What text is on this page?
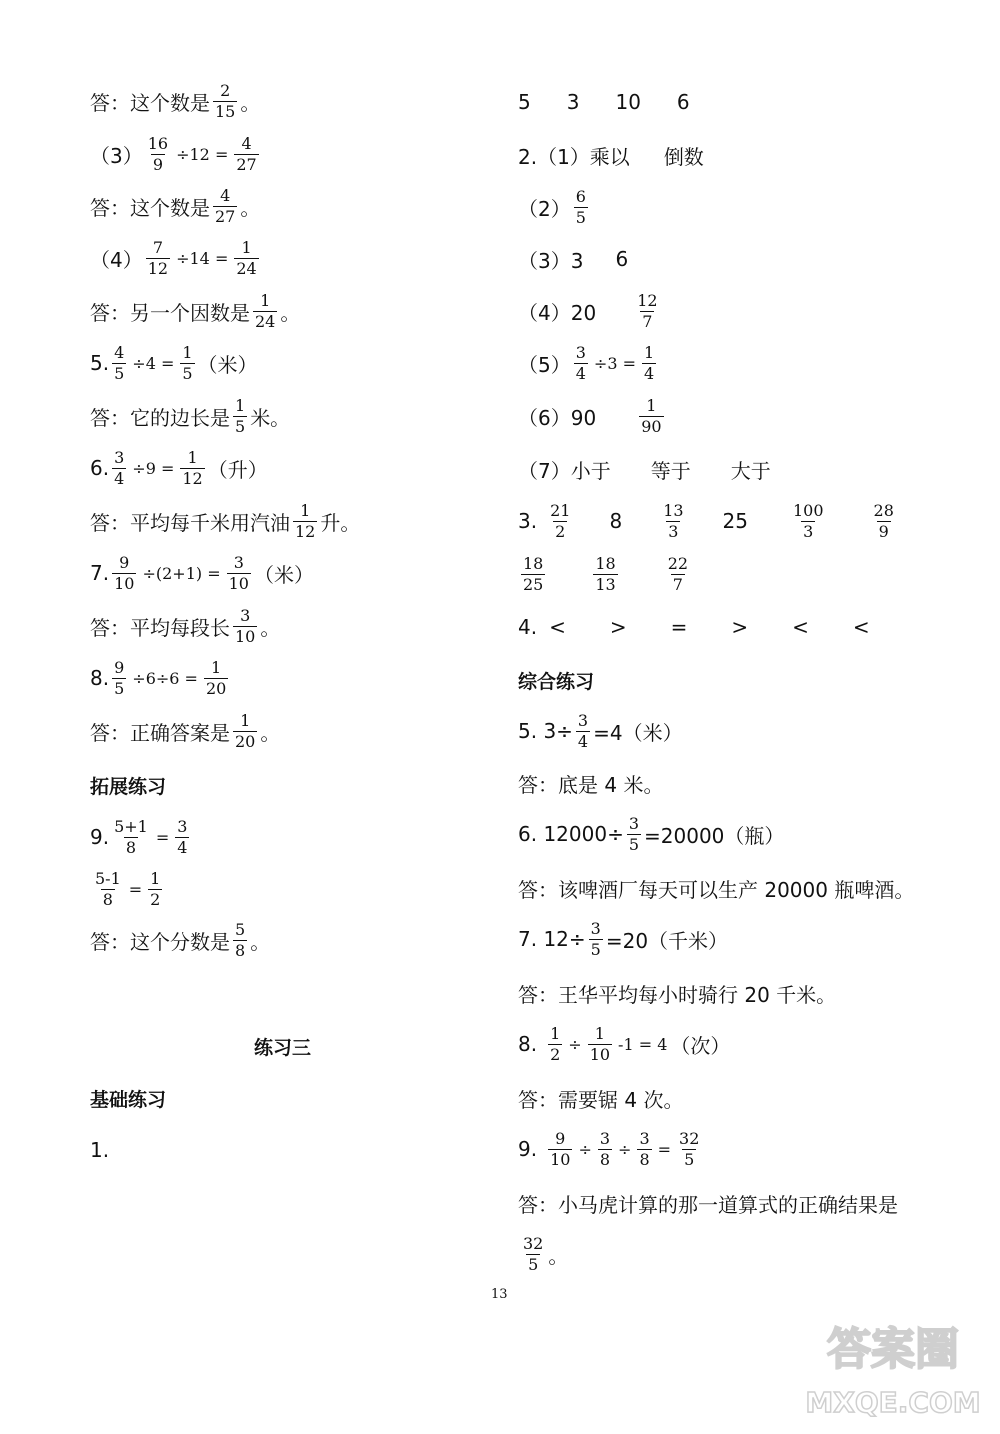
答：这个数是 $\frac{2}{15}$ 。
$(3) \frac{16}{9} \div 12 = \frac{4}{27}$
答：这个数是 $\frac{4}{27}$ 。
$(4) \frac{7}{12} \div 14 = \frac{1}{24}$
答：另一个因数是 $\frac{1}{24}$ 。
5. $\frac{4}{5} \div 4 = \frac{1}{5}$ （米）
答：它的边长是 $\frac{1}{5}$ 米。
6. $\frac{3}{4} \div 9 = \frac{1}{12}$ （升）
答：平均每千米用汽油 $\frac{1}{12}$ 升。
7. $\frac{9}{10} \div(2+1) = \frac{3}{10}$ （米）
答：平均每段长 $\frac{3}{10}$ 。
8. $\frac{9}{5} \div 6\div 6 = \frac{1}{20}$
答：正确答案是 $\frac{1}{20}$ 。
拓展练习
9. $\frac{5+1}{8} = \frac{3}{4}$
$\frac{5-1}{8} = \frac{1}{2}$
答：这个分数是 $\frac{5}{8}$ 。
基础练习
1.
练习三
5 3 10 6
2.（1）乘以 倒数
$(2) \frac{6}{5}$
（3）3 6
$(4)20 \frac{12}{7}$
$(5) \frac{3}{4} \div 3 = \frac{1}{4}$
（6）90	$\frac{1}{90}$
（7）小于 等于 大于
3. $\frac{21}{2} 8 \frac{13}{3} 25$	$\frac{100}{3}$	$\frac{28}{9}$
$\frac{18}{25}$	$\frac{18}{13}$	$\frac{22}{7}$
4. < > = > < <
综合练习
5. $3\div \frac{3}{4} =4$（米）
答：底是 4 米。
6. $12000\div \frac{3}{5} =20000$（瓶）
答：该啤酒厂每天可以生产 20000 瓶啤酒。
7. $12\div \frac{3}{5} =20$（千米）
答：王华平均每小时骑行 20 千米。
8. $\frac{1}{2} \div \frac{1}{10} -1 = 4$ （次）
答：需要锯 4 次。
9. $\frac{9}{10} \div \frac{3}{8} \div \frac{3}{8} = \frac{32}{5}$
答：小马虎计算的那一道算式的正确结果是
$\frac{32}{5}$ 。
13
答案圈
MXQE.COM
